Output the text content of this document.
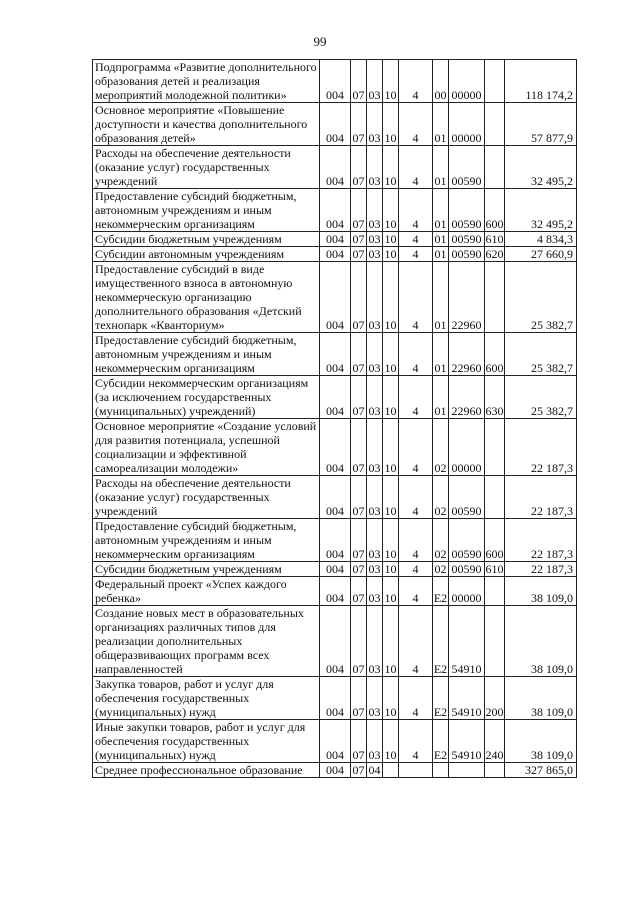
99
Подпрограмма «Развитие дополнительного образования детей и реализация мероприятий молодежной политики»	004	07	03	10	4	00	00000		118 174,2
Основное мероприятие «Повышение доступности и качества дополнительного образования детей»	004	07	03	10	4	01	00000		57 877,9
Расходы на обеспечение деятельности (оказание услуг) государственных учреждений	004	07	03	10	4	01	00590		32 495,2
Предоставление субсидий бюджетным, автономным учреждениям и иным некоммерческим организациям	004	07	03	10	4	01	00590	600	32 495,2
Субсидии бюджетным учреждениям	004	07	03	10	4	01	00590	610	4 834,3
Субсидии автономным учреждениям	004	07	03	10	4	01	00590	620	27 660,9
Предоставление субсидий в виде имущественного взноса в автономную некоммерческую организацию дополнительного образования «Детский технопарк «Кванториум»	004	07	03	10	4	01	22960		25 382,7
Предоставление субсидий бюджетным, автономным учреждениям и иным некоммерческим организациям	004	07	03	10	4	01	22960	600	25 382,7
Субсидии некоммерческим организациям (за исключением государственных (муниципальных) учреждений)	004	07	03	10	4	01	22960	630	25 382,7
Основное мероприятие «Создание условий для развития потенциала, успешной социализации и эффективной самореализации молодежи»	004	07	03	10	4	02	00000		22 187,3
Расходы на обеспечение деятельности (оказание услуг) государственных учреждений	004	07	03	10	4	02	00590		22 187,3
Предоставление субсидий бюджетным, автономным учреждениям и иным некоммерческим организациям	004	07	03	10	4	02	00590	600	22 187,3
Субсидии бюджетным учреждениям	004	07	03	10	4	02	00590	610	22 187,3
Федеральный проект «Успех каждого ребенка»	004	07	03	10	4	E2	00000		38 109,0
Создание новых мест в образовательных организациях различных типов для реализации дополнительных общеразвивающих программ всех направленностей	004	07	03	10	4	E2	54910		38 109,0
Закупка товаров, работ и услуг для обеспечения государственных (муниципальных) нужд	004	07	03	10	4	E2	54910	200	38 109,0
Иные закупки товаров, работ и услуг для обеспечения государственных (муниципальных) нужд	004	07	03	10	4	E2	54910	240	38 109,0
Среднее профессиональное образование	004	07	04						327 865,0
